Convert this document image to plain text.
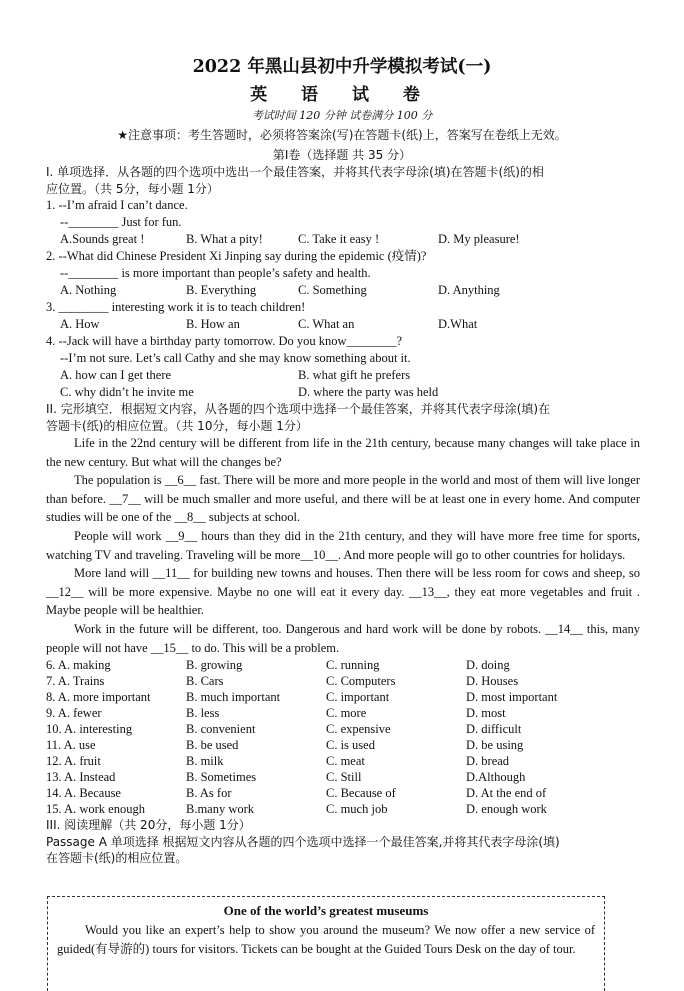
2022 年黑山县初中升学模拟考试(一)
英 语 试 卷
考试时间 120 分钟 试卷满分 100 分
★注意事项：考生答题时，必须将答案涂(写)在答题卡(纸)上，答案写在卷纸上无效。
第Ⅰ卷（选择题 共 35 分）
I. 单项选择．从各题的四个选项中选出一个最佳答案，并将其代表字母涂(填)在答题卡(纸)的相
应位置。（共 5分，每小题 1分）
1. --I’m afraid I can’t dance.
--________ Just for fun.
A.Sounds great !	B. What a pity!	C. Take it easy !	D. My pleasure!
2. --What did Chinese President Xi Jinping say during the epidemic (疫情)?
--________ is more important than people’s safety and health.
A. Nothing	B. Everything	C. Something	D. Anything
3. ________ interesting work it is to teach children!
A. How	B. How an	C. What an	D.What
4. --Jack will have a birthday party tomorrow. Do you know________?
--I’m not sure. Let’s call Cathy and she may know something about it.
A. how can I get there	B. what gift he prefers
C. why didn’t he invite me	D. where the party was held
II. 完形填空．根据短文内容，从各题的四个选项中选择一个最佳答案，并将其代表字母涂(填)在
答题卡(纸)的相应位置。（共 10分，每小题 1分）
Life in the 22nd century will be different from life in the 21th century, because many changes will take place in the new century. But what will the changes be?
The population is __6__ fast. There will be more and more people in the world and most of them will live longer than before. __7__ will be much smaller and more useful, and there will be at least one in every home. And computer studies will be one of the __8__ subjects at school.
People will work __9__ hours than they did in the 21th century, and they will have more free time for sports, watching TV and traveling. Traveling will be more__10__. And more people will go to other countries for holidays.
More land will __11__ for building new towns and houses. Then there will be less room for cows and sheep, so __12__ will be more expensive. Maybe no one will eat it every day. __13__, they eat more vegetables and fruit . Maybe people will be healthier.
Work in the future will be different, too. Dangerous and hard work will be done by robots. __14__ this, many people will not have __15__ to do. This will be a problem.
6. A. making	B. growing	C. running	D. doing
7. A. Trains	B. Cars	C. Computers	D. Houses
8. A. more important	B. much important	C. important	D. most important
9. A. fewer	B. less	C. more	D. most
10. A. interesting	B. convenient	C. expensive	D. difficult
11. A. use	B. be used	C. is used	D. be using
12. A. fruit	B. milk	C. meat	D. bread
13. A. Instead	B. Sometimes	C. Still	D.Although
14. A. Because	B. As for	C. Because of	D. At the end of
15. A. work enough	B.many work	C. much job	D. enough work
III. 阅读理解（共 20分，每小题 1分）
Passage A 单项选择 根据短文内容从各题的四个选项中选择一个最佳答案,并将其代表字母涂(填)
在答题卡(纸)的相应位置。
One of the world’s greatest museums
Would you like an expert’s help to show you around the museum? We now offer a new service of guided(有导游的) tours for visitors. Tickets can be bought at the Guided Tours Desk on the day of tour.
